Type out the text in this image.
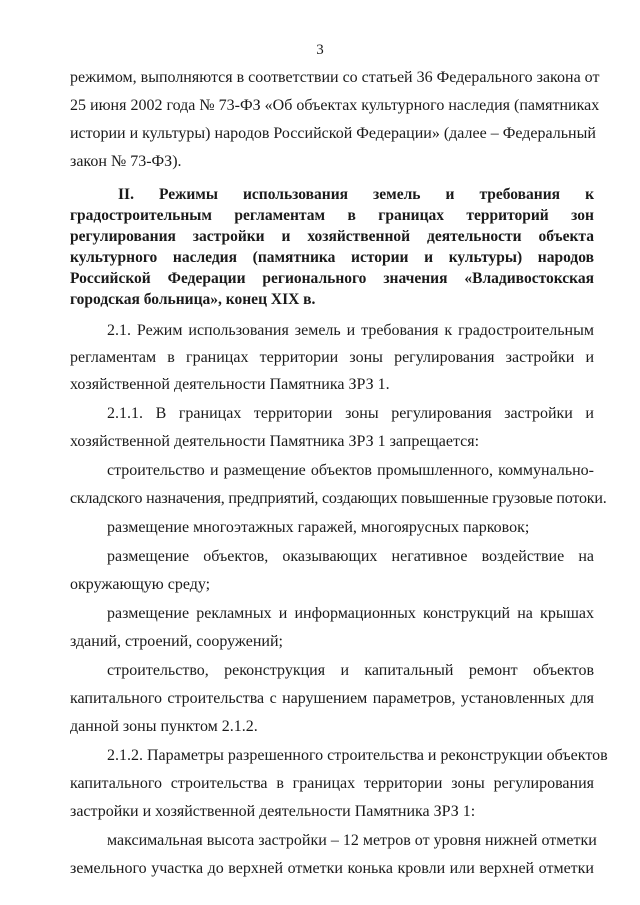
3
режимом, выполняются в соответствии со статьей 36 Федерального закона от
25 июня 2002 года № 73-ФЗ «Об объектах культурного наследия (памятниках
истории и культуры) народов Российской Федерации» (далее – Федеральный
закон № 73-ФЗ).
II. Режимы использования земель и требования к
градостроительным регламентам в границах территорий зон
регулирования застройки и хозяйственной деятельности объекта
культурного наследия (памятника истории и культуры) народов
Российской Федерации регионального значения «Владивостокская
городская больница», конец XIX в.
2.1. Режим использования земель и требования к градостроительным
регламентам в границах территории зоны регулирования застройки и
хозяйственной деятельности Памятника ЗРЗ 1.
2.1.1. В границах территории зоны регулирования застройки и
хозяйственной деятельности Памятника ЗРЗ 1 запрещается:
строительство и размещение объектов промышленного, коммунально-
складского назначения, предприятий, создающих повышенные грузовые потоки.
размещение многоэтажных гаражей, многоярусных парковок;
размещение объектов, оказывающих негативное воздействие на
окружающую среду;
размещение рекламных и информационных конструкций на крышах
зданий, строений, сооружений;
строительство, реконструкция и капитальный ремонт объектов
капитального строительства с нарушением параметров, установленных для
данной зоны пунктом 2.1.2.
2.1.2. Параметры разрешенного строительства и реконструкции объектов
капитального строительства в границах территории зоны регулирования
застройки и хозяйственной деятельности Памятника ЗРЗ 1:
максимальная высота застройки – 12 метров от уровня нижней отметки
земельного участка до верхней отметки конька кровли или верхней отметки
